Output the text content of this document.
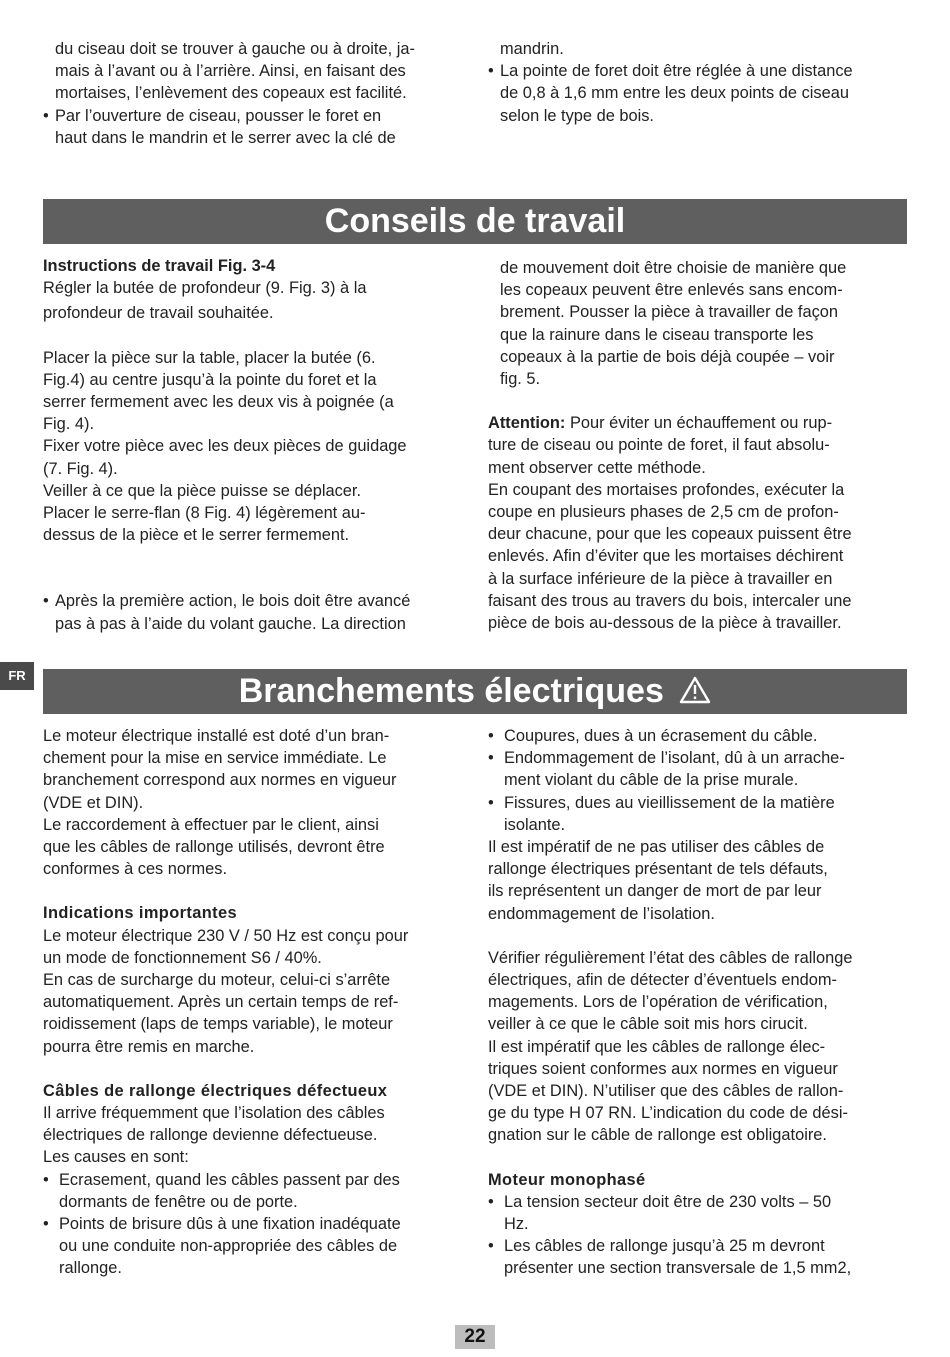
du ciseau doit se trouver à gauche ou à droite, ja-

mais à l’avant ou à l’arrière. Ainsi, en faisant des

mortaises, l’enlèvement des copeaux est facilité.

• Par l’ouverture de ciseau, pousser le foret en

haut dans le mandrin et le serrer avec la clé de

mandrin.

• La pointe de foret doit être réglée à une distance

de 0,8 à 1,6 mm entre les deux points de ciseau

selon le type de bois.

Conseils de travail

Instructions de travail Fig. 3-4

Régler la butée de profondeur (9. Fig. 3) à la

profondeur de travail souhaitée.

Placer la pièce sur la table, placer la butée (6.

Fig.4) au centre jusqu’à la pointe du foret et la

serrer fermement avec les deux vis à poignée (a

Fig. 4).

Fixer votre pièce avec les deux pièces de guidage

(7. Fig. 4).

Veiller à ce que la pièce puisse se déplacer.

Placer le serre-flan (8 Fig. 4) légèrement au-

dessus de la pièce et le serrer fermement.

• Après la première action, le bois doit être avancé

pas à pas à l’aide du volant gauche. La direction

de mouvement doit être choisie de manière que

les copeaux peuvent être enlevés sans encom-

brement. Pousser la pièce à travailler de façon

que la rainure dans le ciseau transporte les

copeaux à la partie de bois déjà coupée – voir

fig. 5.

Attention: Pour éviter un échauffement ou rup-

ture de ciseau ou pointe de foret, il faut absolu-

ment observer cette méthode.

En coupant des mortaises profondes, exécuter la

coupe en plusieurs phases de 2,5 cm de profon-

deur chacune, pour que les copeaux puissent être

enlevés. Afin d’éviter que les mortaises déchirent

à la surface inférieure de la pièce à travailler en

faisant des trous au travers du bois, intercaler une

pièce de bois au-dessous de la pièce à travailler.

FR	Branchements électriques

Le moteur électrique installé est doté d’un bran-

chement pour la mise en service immédiate. Le

branchement correspond aux normes en vigueur

(VDE et DIN).

Le raccordement à effectuer par le client, ainsi

que les câbles de rallonge utilisés, devront être

conformes à ces normes.

Indications importantes

Le moteur électrique 230 V / 50 Hz est conçu pour

un mode de fonctionnement S6 / 40%.

En cas de surcharge du moteur, celui-ci s’arrête

automatiquement. Après un certain temps de ref-

roidissement (laps de temps variable), le moteur

pourra être remis en marche.

Câbles de rallonge électriques défectueux

Il arrive fréquemment que l’isolation des câbles

électriques de rallonge devienne défectueuse.

Les causes en sont:

• Ecrasement, quand les câbles passent par des

dormants de fenêtre ou de porte.

• Points de brisure dûs à une fixation inadéquate

ou une conduite non-appropriée des câbles de

rallonge.

• Coupures, dues à un écrasement du câble.

• Endommagement de l’isolant, dû à un arrache-

ment violant du câble de la prise murale.

• Fissures, dues au vieillissement de la matière

isolante.

Il est impératif de ne pas utiliser des câbles de

rallonge électriques présentant de tels défauts,

ils représentent un danger de mort de par leur

endommagement de l’isolation.

Vérifier régulièrement l’état des câbles de rallonge

électriques, afin de détecter d’éventuels endom-

magements. Lors de l’opération de vérification,

veiller à ce que le câble soit mis hors cirucit.

Il est impératif que les câbles de rallonge élec-

triques soient conformes aux normes en vigueur

(VDE et DIN). N’utiliser que des câbles de rallon-

ge du type H 07 RN. L’indication du code de dési-

gnation sur le câble de rallonge est obligatoire.

Moteur monophasé

• La tension secteur doit être de 230 volts – 50

Hz.

• Les câbles de rallonge jusqu’à 25 m devront

présenter une section transversale de 1,5 mm2,

22
